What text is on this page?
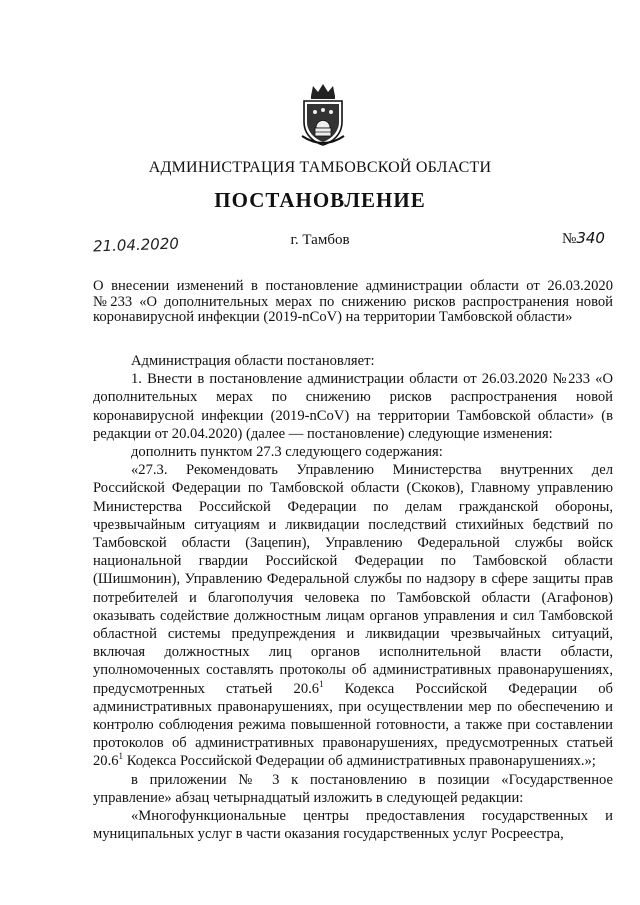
АДМИНИСТРАЦИЯ ТАМБОВСКОЙ ОБЛАСТИ
ПОСТАНОВЛЕНИЕ
21.04.2020	г. Тамбов	№340
О внесении изменений в постановление администрации области от 26.03.2020 №233 «О дополнительных мерах по снижению рисков распространения новой коронавирусной инфекции (2019-nCoV) на территории Тамбовской области»

Администрация области постановляет:

1. Внести в постановление администрации области от 26.03.2020 №233 «О дополнительных мерах по снижению рисков распространения новой коронавирусной инфекции (2019-nCoV) на территории Тамбовской области» (в редакции от 20.04.2020) (далее — постановление) следующие изменения:

дополнить пунктом 27.3 следующего содержания:

«27.3. Рекомендовать Управлению Министерства внутренних дел Российской Федерации по Тамбовской области (Скоков), Главному управлению Министерства Российской Федерации по делам гражданской обороны, чрезвычайным ситуациям и ликвидации последствий стихийных бедствий по Тамбовской области (Зацепин), Управлению Федеральной службы войск национальной гвардии Российской Федерации по Тамбовской области (Шишмонин), Управлению Федеральной службы по надзору в сфере защиты прав потребителей и благополучия человека по Тамбовской области (Агафонов) оказывать содействие должностным лицам органов управления и сил Тамбовской областной системы предупреждения и ликвидации чрезвычайных ситуаций, включая должностных лиц органов исполнительной власти области, уполномоченных составлять протоколы об административных правонарушениях, предусмотренных статьей 20.6$^1$ Кодекса Российской Федерации об административных правонарушениях, при осуществлении мер по обеспечению и контролю соблюдения режима повышенной готовности, а также при составлении протоколов об административных правонарушениях, предусмотренных статьей 20.6$^1$ Кодекса Российской Федерации об административных правонарушениях.»;

в приложении № 3 к постановлению в позиции «Государственное управление» абзац четырнадцатый изложить в следующей редакции:

«Многофункциональные центры предоставления государственных и муниципальных услуг в части оказания государственных услуг Росреестра,
